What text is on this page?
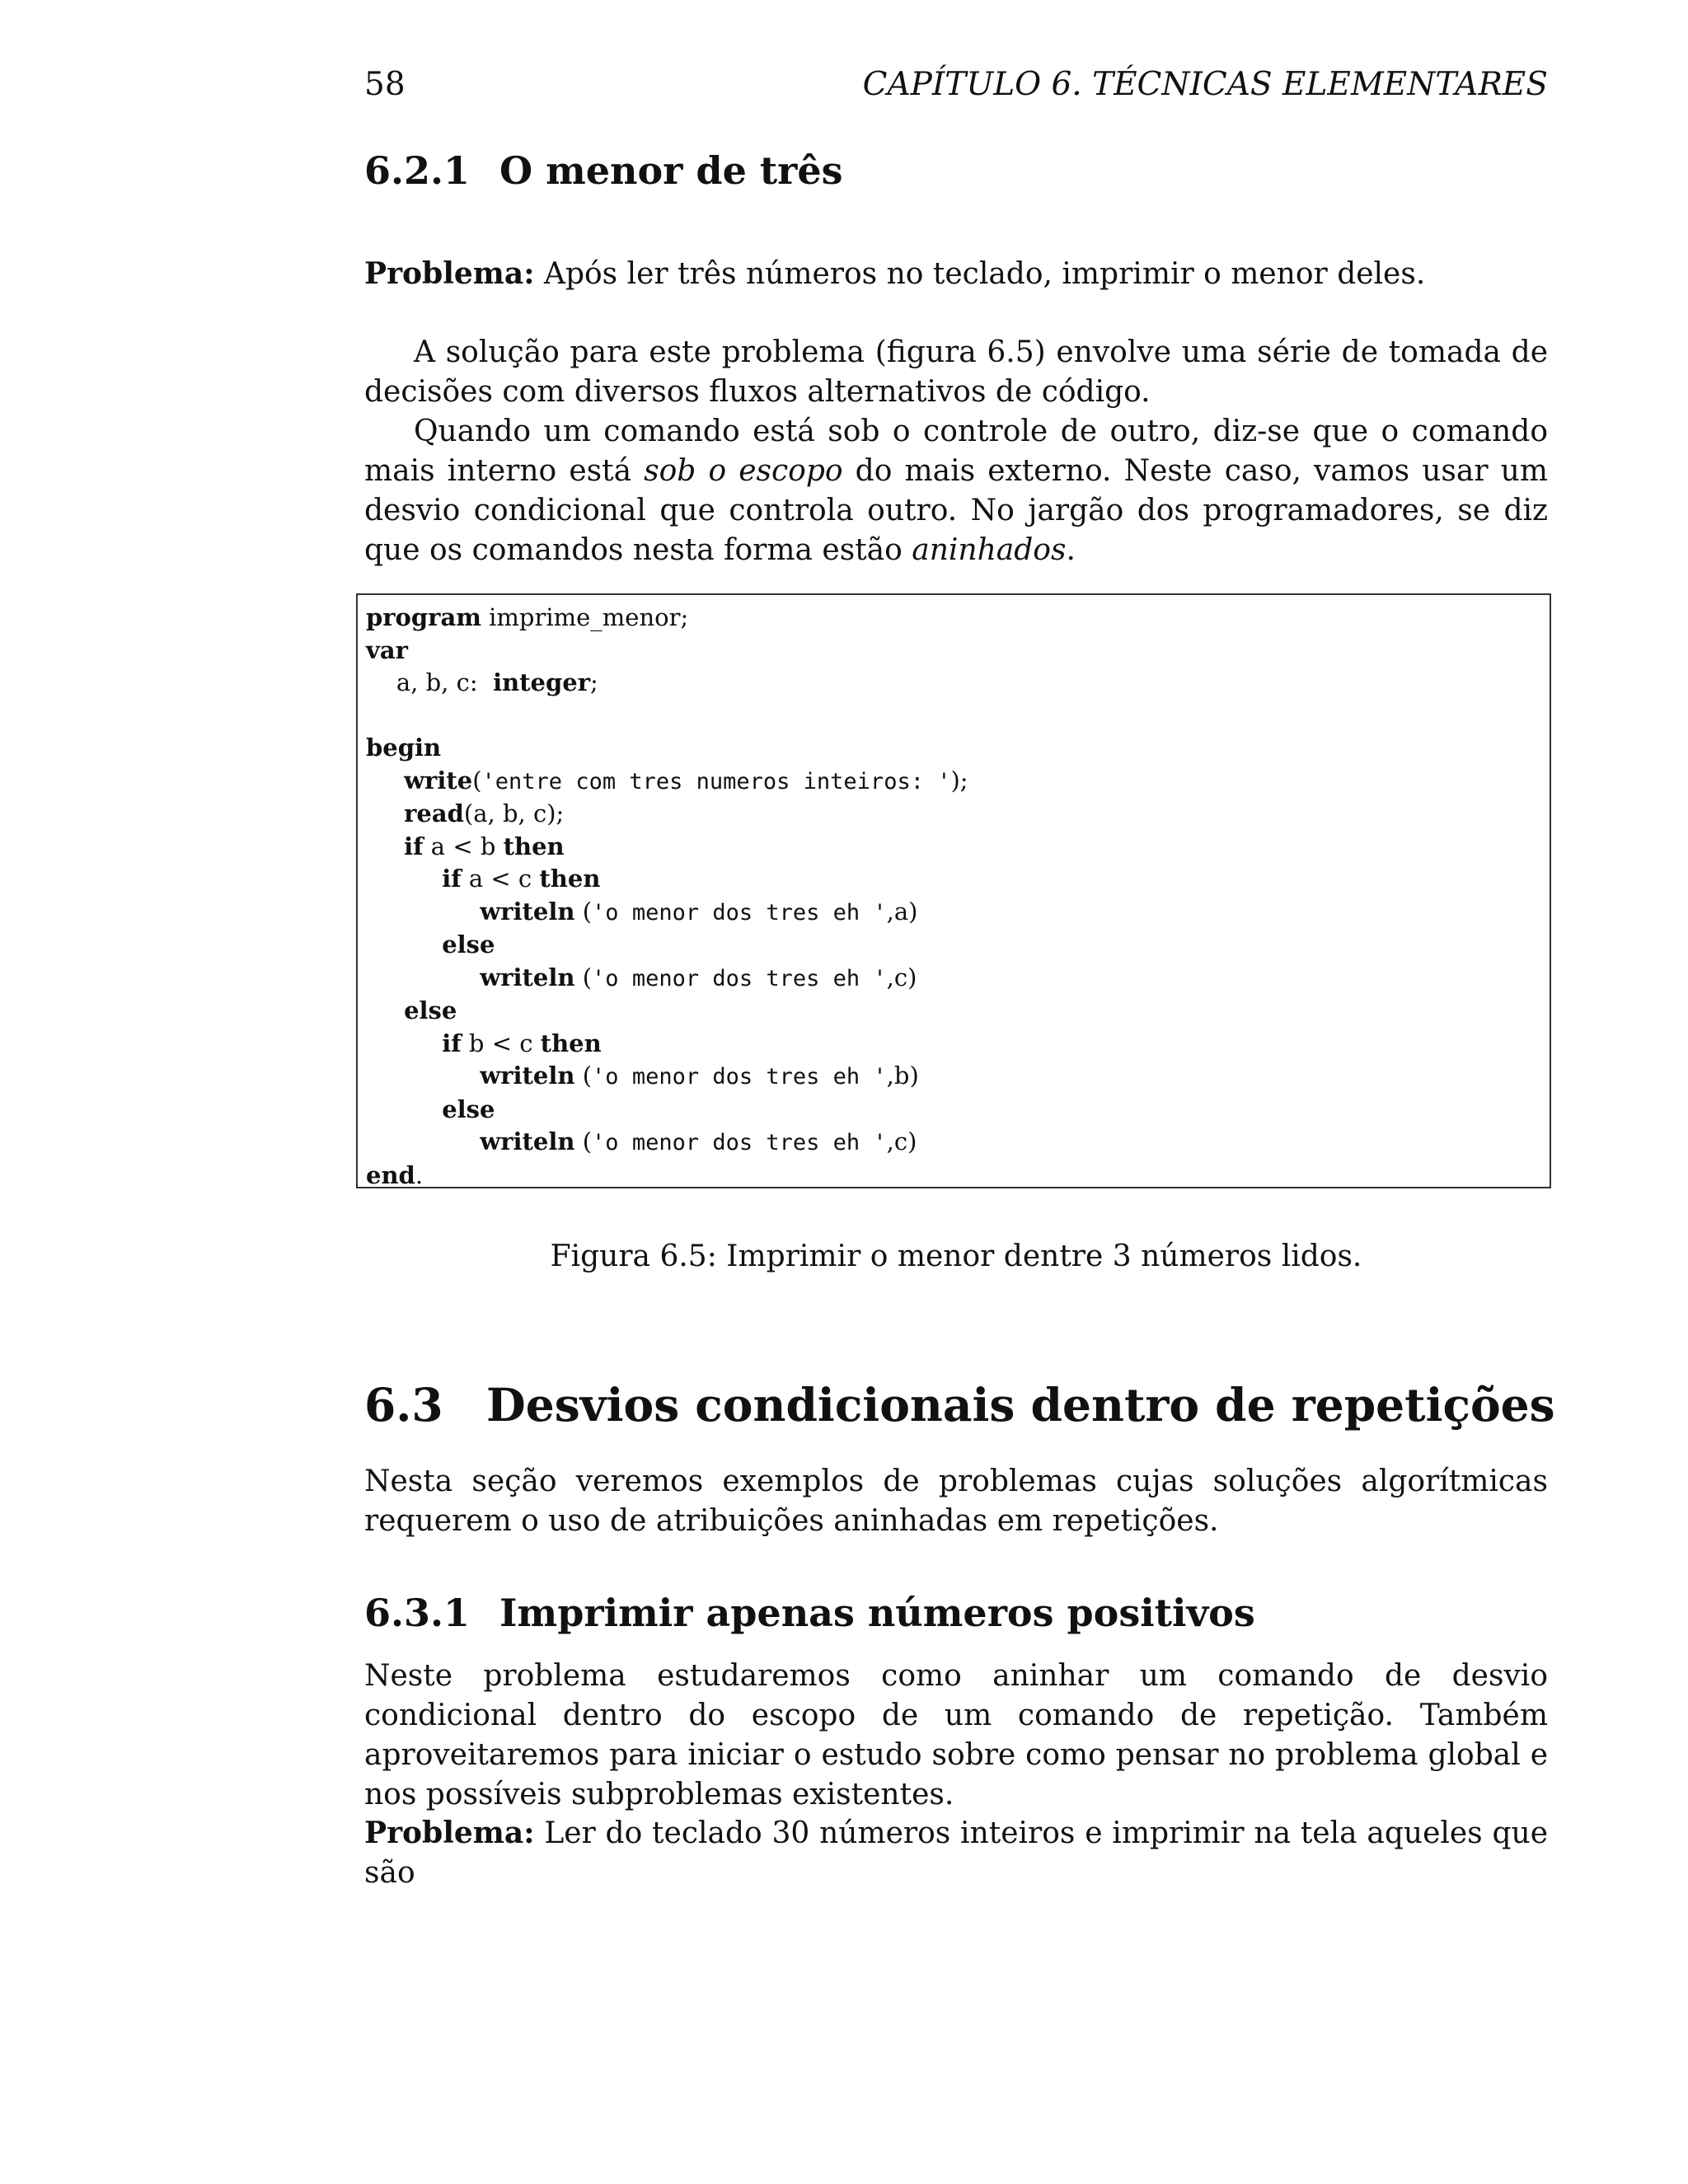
58	CAPÍTULO 6. TÉCNICAS ELEMENTARES
6.2.1 O menor de três

Problema: Após ler três números no teclado, imprimir o menor deles.

A solução para este problema (figura 6.5) envolve uma série de tomada de decisões com diversos fluxos alternativos de código.

Quando um comando está sob o controle de outro, diz-se que o comando mais interno está sob o escopo do mais externo. Neste caso, vamos usar um desvio condicional que controla outro. No jargão dos programadores, se diz que os comandos nesta forma estão aninhados.

program imprime_menor;
var
a, b, c:  integer;

begin
write('entre com tres numeros inteiros: ');
read(a, b, c);
if a < b then
if a < c then
writeln ('o menor dos tres eh ',a)
else
writeln ('o menor dos tres eh ',c)
else
if b < c then
writeln ('o menor dos tres eh ',b)
else
writeln ('o menor dos tres eh ',c)
end.

Figura 6.5: Imprimir o menor dentre 3 números lidos.

6.3 Desvios condicionais dentro de repetições

Nesta seção veremos exemplos de problemas cujas soluções algorítmicas requerem o uso de atribuições aninhadas em repetições.

6.3.1 Imprimir apenas números positivos

Neste problema estudaremos como aninhar um comando de desvio condicional dentro do escopo de um comando de repetição. Também aproveitaremos para iniciar o estudo sobre como pensar no problema global e nos possíveis subproblemas existentes.

Problema: Ler do teclado 30 números inteiros e imprimir na tela aqueles que são
